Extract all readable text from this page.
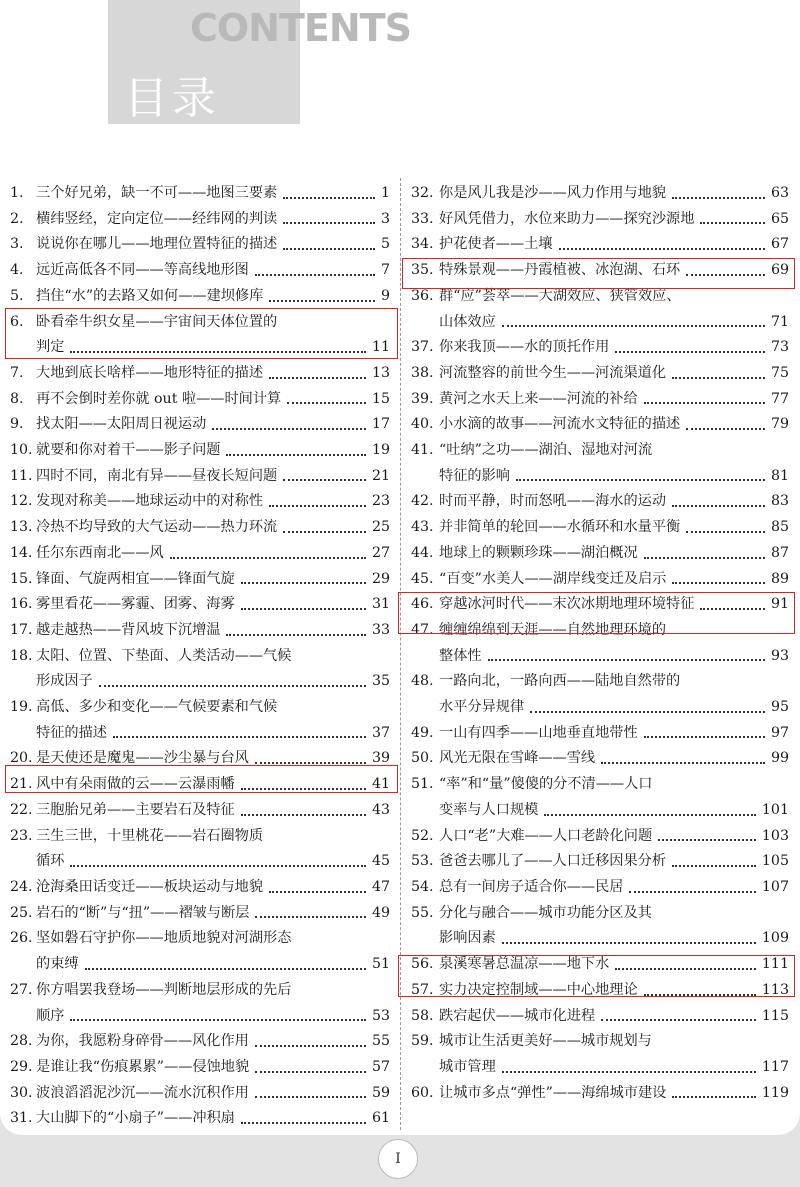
CONTENTS
目录
1. 三个好兄弟，缺一不可——地图三要素	1
2. 横纬竖经，定向定位——经纬网的判读	3
3. 说说你在哪儿——地理位置特征的描述	5
4. 远近高低各不同——等高线地形图	7
5. 挡住“水”的去路又如何——建坝修库	9
6. 卧看牵牛织女星——宇宙间天体位置的
判定	11
7. 大地到底长啥样——地形特征的描述	13
8. 再不会倒时差你就 out 啦——时间计算	15
9. 找太阳——太阳周日视运动	17
10. 就要和你对着干——影子问题	19
11. 四时不同，南北有异——昼夜长短问题	21
12. 发现对称美——地球运动中的对称性	23
13. 冷热不均导致的大气运动——热力环流	25
14. 任尔东西南北——风	27
15. 锋面、气旋两相宜——锋面气旋	29
16. 雾里看花——雾霾、团雾、海雾	31
17. 越走越热——背风坡下沉增温	33
18. 太阳、位置、下垫面、人类活动——气候
形成因子	35
19. 高低、多少和变化——气候要素和气候
特征的描述	37
20. 是天使还是魔鬼——沙尘暴与台风	39
21. 风中有朵雨做的云——云瀑雨幡	41
22. 三胞胎兄弟——主要岩石及特征	43
23. 三生三世，十里桃花——岩石圈物质
循环	45
24. 沧海桑田话变迁——板块运动与地貌	47
25. 岩石的“断”与“扭”——褶皱与断层	49
26. 坚如磐石守护你——地质地貌对河湖形态
的束缚	51
27. 你方唱罢我登场——判断地层形成的先后
顺序	53
28. 为你，我愿粉身碎骨——风化作用	55
29. 是谁让我“伤痕累累”——侵蚀地貌	57
30. 波浪滔滔泥沙沉——流水沉积作用	59
31. 大山脚下的“小扇子”——冲积扇	61
32. 你是风儿我是沙——风力作用与地貌	63
33. 好风凭借力，水位来助力——探究沙源地	65
34. 护花使者——土壤	67
35. 特殊景观——丹霞植被、冰泡湖、石环	69
36. 群“应”荟萃——大湖效应、狭管效应、
山体效应	71
37. 你来我顶——水的顶托作用	73
38. 河流整容的前世今生——河流渠道化	75
39. 黄河之水天上来——河流的补给	77
40. 小水滴的故事——河流水文特征的描述	79
41. “吐纳”之功——湖泊、湿地对河流
特征的影响	81
42. 时而平静，时而怒吼——海水的运动	83
43. 并非简单的轮回——水循环和水量平衡	85
44. 地球上的颗颗珍珠——湖泊概况	87
45. “百变”水美人——湖岸线变迁及启示	89
46. 穿越冰河时代——末次冰期地理环境特征	91
47. 缠缠绵绵到天涯——自然地理环境的
整体性	93
48. 一路向北，一路向西——陆地自然带的
水平分异规律	95
49. 一山有四季——山地垂直地带性	97
50. 风光无限在雪峰——雪线	99
51. “率”和“量”傻傻的分不清——人口
变率与人口规模	101
52. 人口“老”大难——人口老龄化问题	103
53. 爸爸去哪儿了——人口迁移因果分析	105
54. 总有一间房子适合你——民居	107
55. 分化与融合——城市功能分区及其
影响因素	109
56. 泉溪寒暑总温凉——地下水	111
57. 实力决定控制域——中心地理论	113
58. 跌宕起伏——城市化进程	115
59. 城市让生活更美好——城市规划与
城市管理	117
60. 让城市多点“弹性”——海绵城市建设	119
I
